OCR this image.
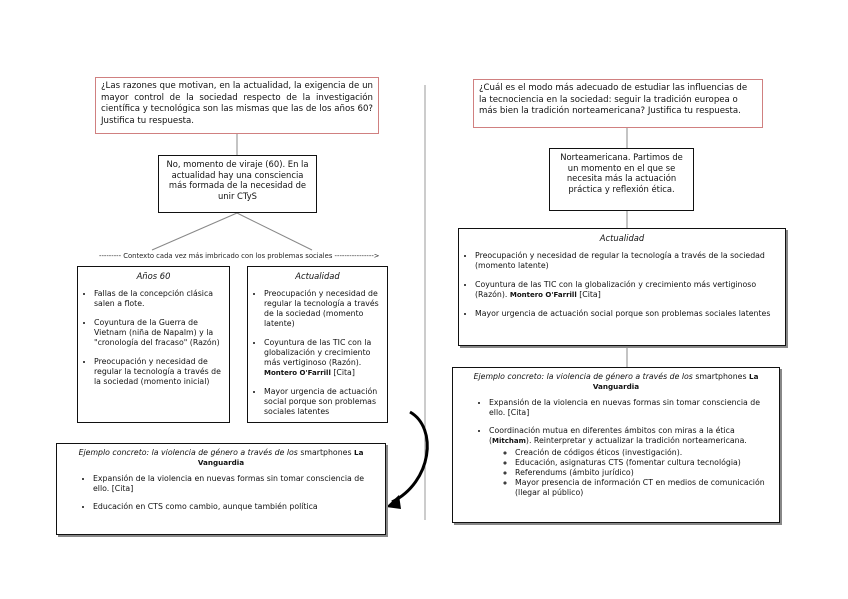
¿Las razones que motivan, en la actualidad, la exigencia de un mayor control de la sociedad respecto de la investigación científica y tecnológica son las mismas que las de los años 60? Justifica tu respuesta.
No, momento de viraje (60). En la actualidad hay una consciencia más formada de la necesidad de unir CTyS
--------- Contexto cada vez más imbricado con los problemas sociales ---------------->
Años 60
• Fallas de la concepción clásica salen a flote.
• Coyuntura de la Guerra de Vietnam (niña de Napalm) y la "cronología del fracaso" (Razón)
• Preocupación y necesidad de regular la tecnología a través de la sociedad (momento inicial)
Actualidad
• Preocupación y necesidad de regular la tecnología a través de la sociedad (momento latente)
• Coyuntura de las TIC con la globalización y crecimiento más vertiginoso (Razón). Montero O'Farrill [Cita]
• Mayor urgencia de actuación social porque son problemas sociales latentes
Ejemplo concreto: la violencia de género a través de los smartphones La Vanguardia
• Expansión de la violencia en nuevas formas sin tomar consciencia de ello. [Cita]
• Educación en CTS como cambio, aunque también política
¿Cuál es el modo más adecuado de estudiar las influencias de la tecnociencia en la sociedad: seguir la tradición europea o más bien la tradición norteamericana? Justifica tu respuesta.
Norteamericana. Partimos de un momento en el que se necesita más la actuación práctica y reflexión ética.
Actualidad
• Preocupación y necesidad de regular la tecnología a través de la sociedad (momento latente)
• Coyuntura de las TIC con la globalización y crecimiento más vertiginoso (Razón). Montero O'Farrill [Cita]
• Mayor urgencia de actuación social porque son problemas sociales latentes
Ejemplo concreto: la violencia de género a través de los smartphones La Vanguardia
• Expansión de la violencia en nuevas formas sin tomar consciencia de ello. [Cita]
• Coordinación mutua en diferentes ámbitos con miras a la ética (Mitcham). Reinterpretar y actualizar la tradición norteamericana.
◦ Creación de códigos éticos (investigación).
◦ Educación, asignaturas CTS (fomentar cultura tecnológia)
◦ Referendums (ámbito jurídico)
◦ Mayor presencia de información CT en medios de comunicación (llegar al público)
